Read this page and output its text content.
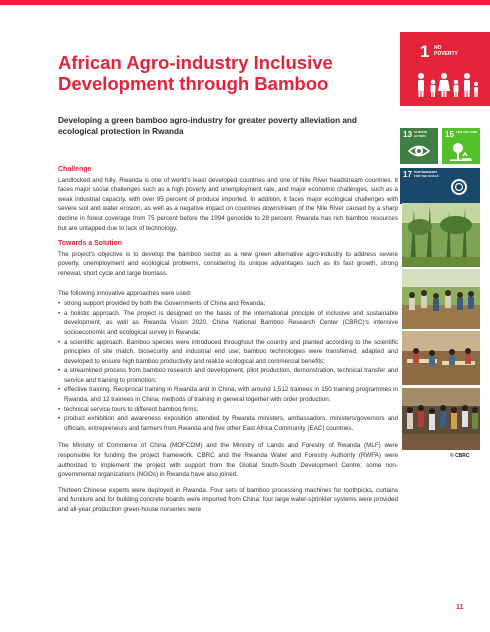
African Agro-industry Inclusive Development through Bamboo
Developing a green bamboo agro-industry for greater poverty alleviation and ecological protection in Rwanda
1 NO
POVERTY
13 CLIMATE ACTION	15 LIFE ON LAND
17 PARTNERSHIPS FOR THE GOALS
© CBRC
Challenge

Landlocked and hilly, Rwanda is one of world's least developed countries and one of Nile River headstream countries. It faces major social challenges such as a high poverty and unemployment rate, and major economic challenges, such as a weak industrial capacity, with over 95 percent of produce imported. In addition, it faces major ecological challenges with severe soil and water erosion, as well as a negative impact on countries downstream of the Nile River caused by a sharp decline in forest coverage from 75 percent before the 1994 genocide to 28 percent. Rwanda has rich bamboo resources but are untapped due to lack of technology.

Towards a Solution

The project's objective is to develop the bamboo sector as a new green alternative agro-industry to address severe poverty, unemployment and ecological problems, considering its unique advantages such as its fast growth, strong renewal, short cycle and large biomass.

The following innovative approaches were used:

• strong support provided by both the Governments of China and Rwanda;
• a holistic approach. The project is designed on the basis of the international principle of inclusive and sustainable development, as well as Rwanda Vision 2020, China National Bamboo Research Center (CBRC)'s intensive socioeconomic and ecological survey in Rwanda;
• a scientific approach. Bamboo species were introduced throughout the country and planted according to the scientific principles of site match, biosecurity and industrial end use; bamboo technologies were transferred, adapted and developed to ensure high bamboo productivity and realize ecological and commercial benefits;
• a streamlined process from bamboo research and development, pilot production, demonstration, technical transfer and service and training to promotion;
• effective training. Reciprocal training in Rwanda and in China, with around 1,512 trainees in 150 training programmes in Rwanda, and 12 trainees in China; methods of training in general together with order production;
• technical service tours to different bamboo firms;
• product exhibition and awareness exposition attended by Rwanda ministers, ambassadors, ministers/governors and officials, entrepreneurs and farmers from Rwanda and five other East Africa Community (EAC) countries.

The Ministry of Commerce of China (MOFCOM) and the Ministry of Lands and Forestry of Rwanda (MLF) were responsible for funding the project framework. CBRC and the Rwanda Water and Forestry Authority (RWFA) were authorized to implement the project with support from the Global South-South Development Centre; some non-governmental organizations (NGOs) in Rwanda have also joined.

Thirteen Chinese experts were deployed in Rwanda. Four sets of bamboo processing machines for toothpicks, curtains and furniture and for building concrete boards were imported from China; four large water-sprinkler systems were provided and all-year production green-house nurseries were

11
